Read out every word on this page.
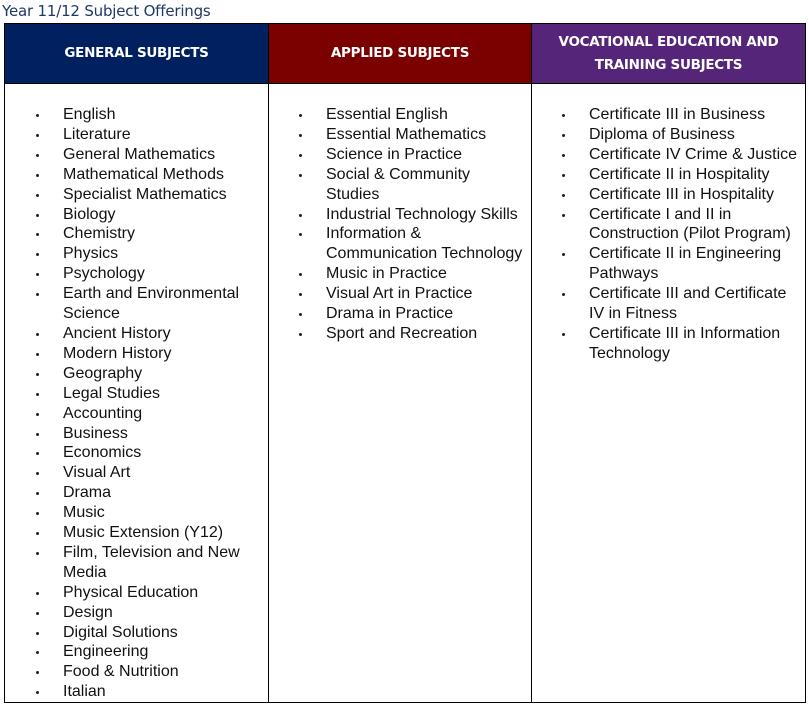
Year 11/12 Subject Offerings
GENERAL SUBJECTS
English
Literature
General Mathematics
Mathematical Methods
Specialist Mathematics
Biology
Chemistry
Physics
Psychology
Earth and Environmental
Science
Ancient History
Modern History
Geography
Legal Studies
Accounting
Business
Economics
Visual Art
Drama
Music
Music Extension (Y12)
Film, Television and New
Media
Physical Education
Design
Digital Solutions
Engineering
Food & Nutrition
Italian
APPLIED SUBJECTS
Essential English
Essential Mathematics
Science in Practice
Social & Community
Studies
Industrial Technology Skills
Information &
Communication Technology
Music in Practice
Visual Art in Practice
Drama in Practice
Sport and Recreation
VOCATIONAL EDUCATION AND TRAINING SUBJECTS
Certificate III in Business
Diploma of Business
Certificate IV Crime & Justice
Certificate II in Hospitality
Certificate III in Hospitality
Certificate I and II in
Construction (Pilot Program)
Certificate II in Engineering
Pathways
Certificate III and Certificate
IV in Fitness
Certificate III in Information
Technology
